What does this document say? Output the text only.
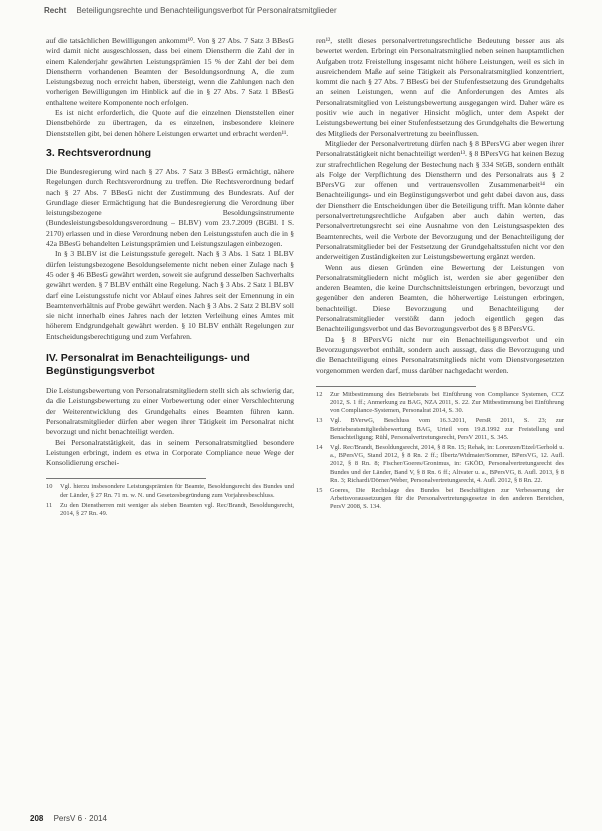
Recht Beteiligungsrechte und Benachteiligungsverbot für Personalratsmitglieder

auf die tatsächlichen Bewilligungen ankommt¹⁰. Von § 27 Abs. 7 Satz 3 BBesG wird damit nicht ausgeschlossen, dass bei einem Dienstherrn die Zahl der in einem Kalenderjahr gewährten Leistungsprämien 15 % der Zahl der bei dem Dienstherrn vorhandenen Beamten der Besoldungsordnung A, die zum Leistungsbezug noch erreicht haben, übersteigt, wenn die Zahlungen nach den vorherigen Bewilligungen im Hinblick auf die in § 27 Abs. 7 Satz 1 BBesG enthaltene weitere Komponente noch erfolgen.

Es ist nicht erforderlich, die Quote auf die einzelnen Dienststellen einer Dienstbehörde zu übertragen, da es einzelnen, insbesondere kleinere Dienststellen gibt, bei denen höhere Leistungen erwartet und erbracht werden¹¹.

3. Rechtsverordnung

Die Bundesregierung wird nach § 27 Abs. 7 Satz 3 BBesG ermächtigt, nähere Regelungen durch Rechtsverordnung zu treffen. Die Rechtsverordnung bedarf nach § 27 Abs. 7 BBesG nicht der Zustimmung des Bundesrats. Auf der Grundlage dieser Ermächtigung hat die Bundesregierung die Verordnung über leistungsbezogene Besoldungsinstrumente (Bundesleistungsbesoldungsverordnung – BLBV) vom 23.7.2009 (BGBl. I S. 2170) erlassen und in diese Verordnung neben den Leistungsstufen auch die in § 42a BBesG behandelten Leistungsprämien und Leistungszulagen einbezogen.

In § 3 BLBV ist die Leistungsstufe geregelt. Nach § 3 Abs. 1 Satz 1 BLBV dürfen leistungsbezogene Besoldungselemente nicht neben einer Zulage nach § 45 oder § 46 BBesG gewährt werden, soweit sie aufgrund desselben Sachverhalts gewährt werden. § 7 BLBV enthält eine Regelung. Nach § 3 Abs. 2 Satz 1 BLBV darf eine Leistungsstufe nicht vor Ablauf eines Jahres seit der Ernennung in ein Beamtenverhältnis auf Probe gewährt werden. Nach § 3 Abs. 2 Satz 2 BLBV soll sie nicht innerhalb eines Jahres nach der letzten Verleihung eines Amtes mit höherem Endgrundgehalt gewährt werden. § 10 BLBV enthält Regelungen zur Entscheidungsberechtigung und zum Verfahren.

IV. Personalrat im Benachteiligungs- und Begünstigungsverbot

Die Leistungsbewertung von Personalratsmitgliedern stellt sich als schwierig dar, da die Leistungsbewertung zu einer Vorbewertung oder einer Verschlechterung der Weiterentwicklung des Grundgehalts eines Beamten führen kann. Personalratsmitglieder dürfen aber wegen ihrer Tätigkeit im Personalrat nicht bevorzugt und nicht benachteiligt werden.

Bei Personalratstätigkeit, das in seinem Personalratsmitglied besondere Leistungen erbringt, indem es etwa in Corporate Compliance neue Wege der Konsolidierung erschei-

10	Vgl. hierzu insbesondere Leistungsprämien für Beamte, Besoldungsrecht des Bundes und der Länder, § 27 Rn. 71 m. w. N. und Gesetzesbegründung zum Vorjahresbeschluss.
11	Zu den Dienstherren mit weniger als sieben Beamten vgl. Rec/Brandt, Besoldungsrecht, 2014, § 27 Rn. 49.

ren¹², stellt dieses personalvertretungsrechtliche Bedeutung besser aus als bewertet werden. Erbringt ein Personalratsmitglied neben seinen hauptamtlichen Aufgaben trotz Freistellung insgesamt nicht höhere Leistungen, weil es sich in ausreichendem Maße auf seine Tätigkeit als Personalratsmitglied konzentriert, kommt die nach § 27 Abs. 7 BBesG bei der Stufenfestsetzung des Grundgehalts an seinen Leistungen, wenn auf die Anforderungen des Amtes als Personalratsmitglied von Leistungsbewertung ausgegangen wird. Daher wäre es positiv wie auch in negativer Hinsicht möglich, unter dem Aspekt der Leistungsbewertung bei einer Stufenfestsetzung des Grundgehalts die Bewertung des Mitglieds der Personalvertretung zu beeinflussen.

Mitglieder der Personalvertretung dürfen nach § 8 BPersVG aber wegen ihrer Personalratstätigkeit nicht benachteiligt werden¹³. § 8 BPersVG hat keinen Bezug zur strafrechtlichen Regelung der Bestechung nach § 334 StGB, sondern enthält als Folge der Verpflichtung des Dienstherrn und des Personalrats aus § 2 BPersVG zur offenen und vertrauensvollen Zusammenarbeit¹⁴ ein Benachteiligungs- und ein Begünstigungsverbot und geht dabei davon aus, dass der Dienstherr die Entscheidungen über die Beteiligung trifft. Man könnte daher personalvertretungsrechtliche Aufgaben aber auch dahin werten, das Personalvertretungsrecht sei eine Ausnahme von den Leistungsaspekten des Beamtenrechts, weil die Verbote der Bevorzugung und der Benachteiligung der Personalratsmitglieder bei der Festsetzung der Grundgehaltsstufen nicht vor den anderweitigen Zuständigkeiten zur Leistungsbewertung ergänzt werden.

Wenn aus diesen Gründen eine Bewertung der Leistungen von Personalratsmitgliedern nicht möglich ist, werden sie aber gegenüber den anderen Beamten, die keine Durchschnittsleistungen erbringen, bevorzugt und gegenüber den anderen Beamten, die höherwertige Leistungen erbringen, benachteiligt. Diese Bevorzugung und Benachteiligung der Personalratsmitglieder verstößt dann jedoch eigentlich gegen das Benachteiligungsverbot und das Bevorzugungsverbot des § 8 BPersVG.

Da § 8 BPersVG nicht nur ein Benachteiligungsverbot und ein Bevorzugungsverbot enthält, sondern auch aussagt, dass die Bevorzugung und die Benachteiligung eines Personalratsmitglieds nicht vom Dienstvorgesetzten vorgenommen werden darf, muss darüber nachgedacht werden.

12	Zur Mitbestimmung des Betriebsrats bei Einführung von Compliance Systemen, CCZ 2012, S. 1 ff.; Anmerkung zu BAG, NZA 2011, S. 22. Zur Mitbestimmung bei Einführung von Compliance-Systemen, Personalrat 2014, S. 30.
13	Vgl. BVerwG, Beschluss vom 16.3.2011, PersR 2011, S. 23; zur Betriebsratsmitgliedsbewertung BAG, Urteil vom 19.8.1992 zur Freistellung und Benachteiligung; Rühl, Personalvertretungsrecht, PersV 2011, S. 345.
14	Vgl. Rec/Brandt, Besoldungsrecht, 2014, § 8 Rn. 15; Rehak, in: Lorenzen/Etzel/Gerhold u. a., BPersVG, Stand 2012, § 8 Rn. 2 ff.; Ilbertz/Widmaier/Sommer, BPersVG, 12. Aufl. 2012, § 8 Rn. 8; Fischer/Goeres/Gronimus, in: GKÖD, Personalvertretungsrecht des Bundes und der Länder, Band V, § 8 Rn. 6 ff.; Altvater u. a., BPersVG, 8. Aufl. 2013, § 8 Rn. 3; Richardi/Dörner/Weber, Personalvertretungsrecht, 4. Aufl. 2012, § 8 Rn. 22.
15	Goeres, Die Rechtslage des Bundes bei Beschäftigten zur Verbesserung der Arbeitsvoraussetzungen für die Personalvertretungsgesetze in den anderen Bereichen, PersV 2008, S. 134.
208 PersV 6 · 2014
